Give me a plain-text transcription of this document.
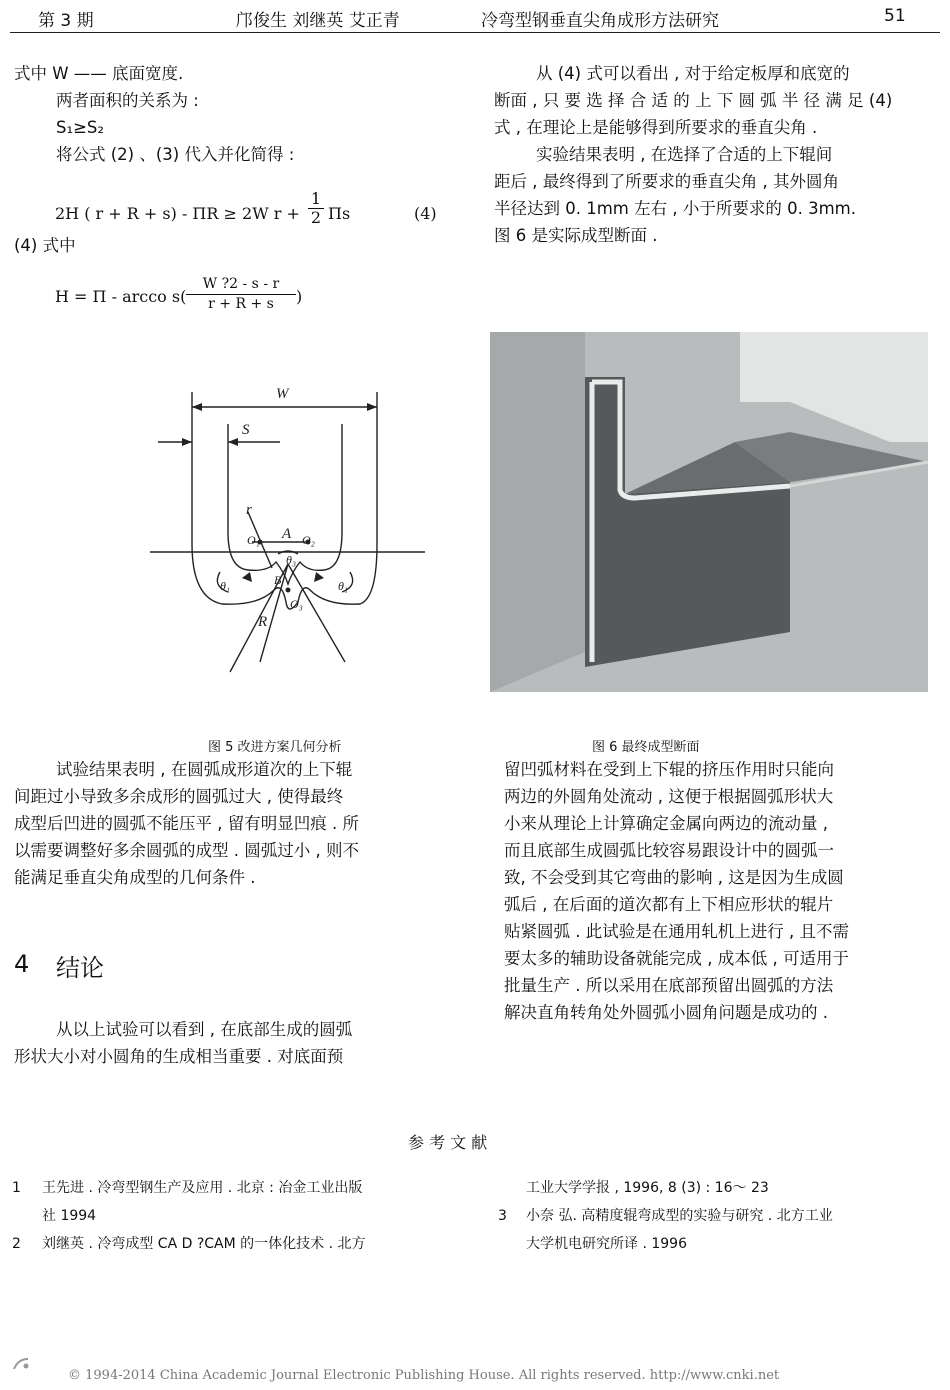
第 3 期	邝俊生 刘继英 艾正青	冷弯型钢垂直尖角成形方法研究	51

式中 W —— 底面宽度.

两者面积的关系为 :

S₁≥S₂

将公式 (2) 、(3) 代入并化简得 :

2H ( r + R + s) - ΠR ≥ 2W $r + \frac{1}{2}$ Πs	(4)
(4) 式中
H = Π - arcco $s( \frac{W ?2 - s - r}{r + R + s}$ )

从 (4) 式可以看出 , 对于给定板厚和底宽的

断面 , 只 要 选 择 合 适 的 上 下 圆 弧 半 径 满 足 (4)

式 , 在理论上是能够得到所要求的垂直尖角 .

实验结果表明 , 在选择了合适的上下辊间

距后 , 最终得到了所要求的垂直尖角 , 其外圆角

半径达到 0. 1mm 左右 , 小于所要求的 0. 3mm.

图 6 是实际成型断面 .

W
S
r
A
O₁	O₂
θ₃
θ₁	θ₁
B
O₃
R
图 5 改进方案几何分析	图 6 最终成型断面

试验结果表明 , 在圆弧成形道次的上下辊

间距过小导致多余成形的圆弧过大 , 使得最终

成型后凹进的圆弧不能压平 , 留有明显凹痕 . 所

以需要调整好多余圆弧的成型 . 圆弧过小 , 则不

能满足垂直尖角成型的几何条件 .

4 结论

从以上试验可以看到 , 在底部生成的圆弧

形状大小对小圆角的生成相当重要 . 对底面预

留凹弧材料在受到上下辊的挤压作用时只能向

两边的外圆角处流动 , 这便于根据圆弧形状大

小来从理论上计算确定金属向两边的流动量 ,

而且底部生成圆弧比较容易跟设计中的圆弧一

致, 不会受到其它弯曲的影响 , 这是因为生成圆

弧后 , 在后面的道次都有上下相应形状的辊片

贴紧圆弧 . 此试验是在通用轧机上进行 , 且不需

要太多的辅助设备就能完成 , 成本低 , 可适用于

批量生产 . 所以采用在底部预留出圆弧的方法

解决直角转角处外圆弧小圆角问题是成功的 .

参 考 文 献
1 王先进 . 冷弯型钢生产及应用 . 北京 : 冶金工业出版
社 1994
2 刘继英 . 冷弯成型 CA D ?CAM 的一体化技术 . 北方
工业大学学报 , 1996, 8 (3) : 16～ 23
3 小奈 弘. 高精度辊弯成型的实验与研究 . 北方工业
大学机电研究所译 . 1996
© 1994-2014 China Academic Journal Electronic Publishing House. All rights reserved. http://www.cnki.net
